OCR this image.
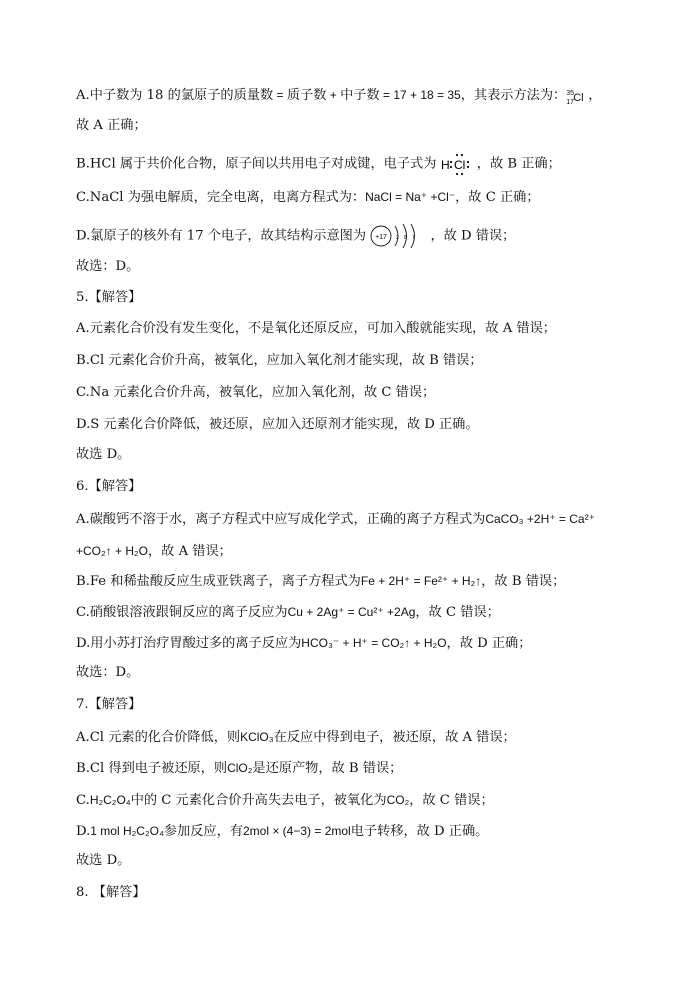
A.中子数为 18 的氯原子的质量数 = 质子数 + 中子数 = 17 + 18 = 35，其表示方法为： 35
17 Cl ，
故 A 正确；
B.HCl 属于共价化合物，原子间以共用电子对成键，电子式为 H Cl ，故 B 正确；
C.NaCl 为强电解质，完全电离，电离方程式为：NaCl = Na⁺ +Cl⁻，故 C 正确；
D.氯原子的核外有 17 个电子，故其结构示意图为 +17 2 8 7 ，故 D 错误；
故选：D。
5.【解答】
A.元素化合价没有发生变化，不是氧化还原反应，可加入酸就能实现，故 A 错误；
B.Cl 元素化合价升高，被氧化，应加入氧化剂才能实现，故 B 错误；
C.Na 元素化合价升高，被氧化，应加入氧化剂，故 C 错误；
D.S 元素化合价降低，被还原，应加入还原剂才能实现，故 D 正确。
故选 D。
6.【解答】
A.碳酸钙不溶于水，离子方程式中应写成化学式，正确的离子方程式为CaCO₃ +2H⁺ = Ca²⁺
+CO₂↑ + H₂O，故 A 错误；
B.Fe 和稀盐酸反应生成亚铁离子，离子方程式为Fe + 2H⁺ = Fe²⁺ + H₂↑，故 B 错误；
C.硝酸银溶液跟铜反应的离子反应为Cu + 2Ag⁺ = Cu²⁺ +2Ag，故 C 错误；
D.用小苏打治疗胃酸过多的离子反应为HCO₃⁻ + H⁺ = CO₂↑ + H₂O，故 D 正确；
故选：D。
7.【解答】
A.Cl 元素的化合价降低，则KClO₃在反应中得到电子，被还原，故 A 错误；
B.Cl 得到电子被还原，则ClO₂是还原产物，故 B 错误；
C.H₂C₂O₄中的 C 元素化合价升高失去电子，被氧化为CO₂，故 C 错误；
D.1 mol H₂C₂O₄参加反应，有2mol × (4−3) = 2mol电子转移，故 D 正确。
故选 D。
8. 【解答】
